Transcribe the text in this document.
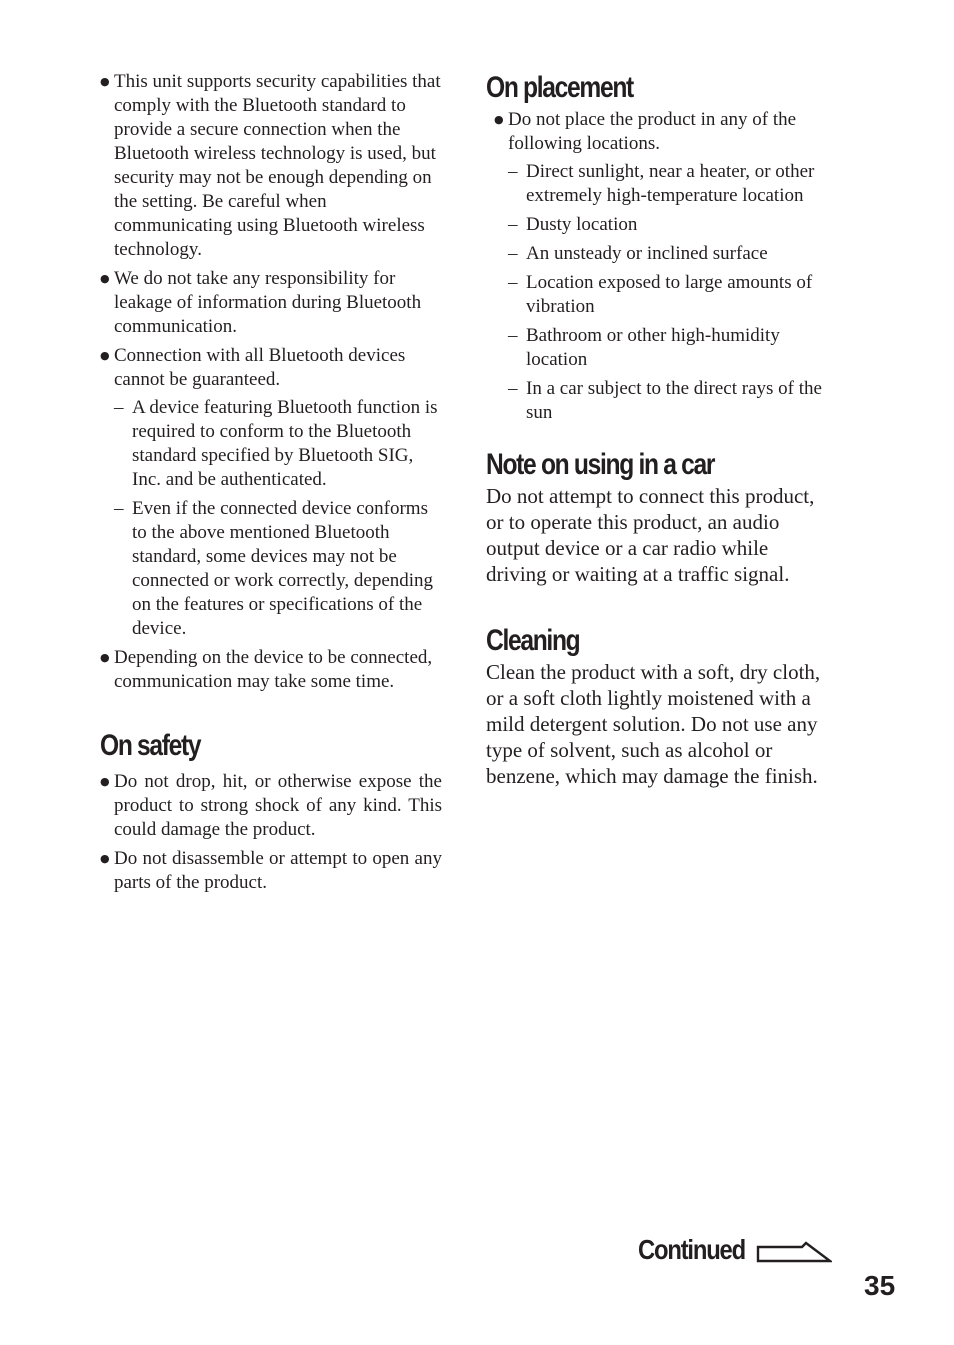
● This unit supports security capabilities that comply with the Bluetooth standard to provide a secure connection when the Bluetooth wireless technology is used, but security may not be enough depending on the setting. Be careful when communicating using Bluetooth wireless technology.
● We do not take any responsibility for leakage of information during Bluetooth communication.
● Connection with all Bluetooth devices cannot be guaranteed.
– A device featuring Bluetooth function is required to conform to the Bluetooth standard specified by Bluetooth SIG, Inc. and be authenticated.
– Even if the connected device conforms to the above mentioned Bluetooth standard, some devices may not be connected or work correctly, depending on the features or specifications of the device.
● Depending on the device to be connected, communication may take some time.
On safety
● Do not drop, hit, or otherwise expose the product to strong shock of any kind. This could damage the product.
● Do not disassemble or attempt to open any parts of the product.
On placement
● Do not place the product in any of the following locations.
– Direct sunlight, near a heater, or other extremely high-temperature location
– Dusty location
– An unsteady or inclined surface
– Location exposed to large amounts of vibration
– Bathroom or other high-humidity location
– In a car subject to the direct rays of the sun
Note on using in a car

Do not attempt to connect this product, or to operate this product, an audio output device or a car radio while driving or waiting at a traffic signal.

Cleaning

Clean the product with a soft, dry cloth, or a soft cloth lightly moistened with a mild detergent solution. Do not use any type of solvent, such as alcohol or benzene, which may damage the finish.

Continued
35
